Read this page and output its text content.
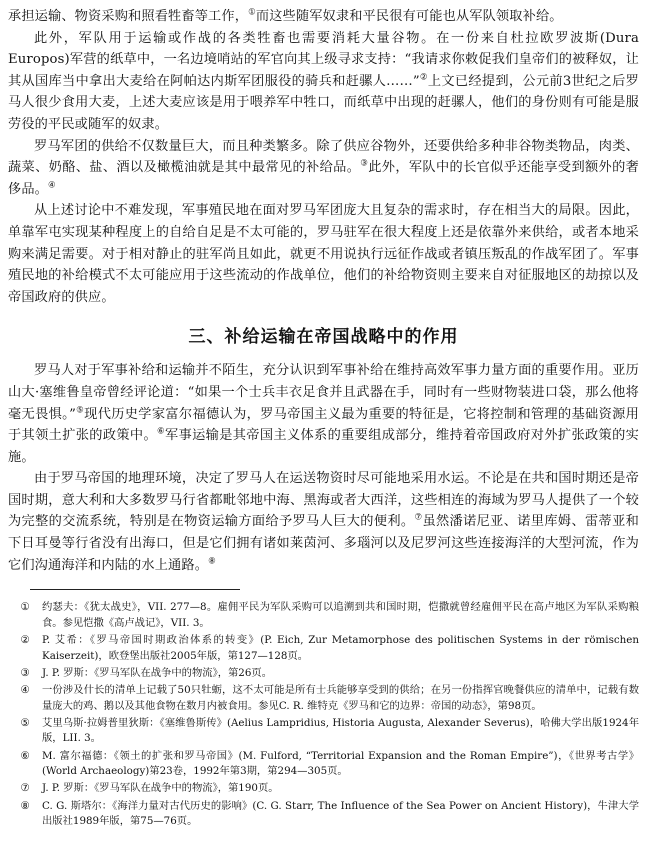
承担运输、物资采购和照看牲畜等工作，①而这些随军奴隶和平民很有可能也从军队领取补给。

此外，军队用于运输或作战的各类牲畜也需要消耗大量谷物。在一份来自杜拉欧罗波斯(Dura Europos)军营的纸草中，一名边境哨站的军官向其上级寻求支持：“我请求你敕促我们皇帝们的被释奴，让其从国库当中拿出大麦给在阿帕达内斯军团服役的骑兵和赶骡人……”②上文已经提到，公元前3世纪之后罗马人很少食用大麦，上述大麦应该是用于喂养军中牲口，而纸草中出现的赶骡人，他们的身份则有可能是服劳役的平民或随军的奴隶。

罗马军团的供给不仅数量巨大，而且种类繁多。除了供应谷物外，还要供给多种非谷物类物品，肉类、蔬菜、奶酪、盐、酒以及橄榄油就是其中最常见的补给品。③此外，军队中的长官似乎还能享受到额外的奢侈品。④

从上述讨论中不难发现，军事殖民地在面对罗马军团庞大且复杂的需求时，存在相当大的局限。因此，单靠军屯实现某种程度上的自给自足是不太可能的，罗马驻军在很大程度上还是依靠外来供给，或者本地采购来满足需要。对于相对静止的驻军尚且如此，就更不用说执行远征作战或者镇压叛乱的作战军团了。军事殖民地的补给模式不太可能应用于这些流动的作战单位，他们的补给物资则主要来自对征服地区的劫掠以及帝国政府的供应。

三、补给运输在帝国战略中的作用

罗马人对于军事补给和运输并不陌生，充分认识到军事补给在维持高效军事力量方面的重要作用。亚历山大·塞维鲁皇帝曾经评论道：“如果一个士兵丰衣足食并且武器在手，同时有一些财物装进口袋，那么他将毫无畏惧。”⑤现代历史学家富尔福德认为，罗马帝国主义最为重要的特征是，它将控制和管理的基础资源用于其领土扩张的政策中。⑥军事运输是其帝国主义体系的重要组成部分，维持着帝国政府对外扩张政策的实施。

由于罗马帝国的地理环境，决定了罗马人在运送物资时尽可能地采用水运。不论是在共和国时期还是帝国时期，意大利和大多数罗马行省都毗邻地中海、黑海或者大西洋，这些相连的海域为罗马人提供了一个较为完整的交流系统，特别是在物资运输方面给予罗马人巨大的便利。⑦虽然潘诺尼亚、诺里库姆、雷蒂亚和下日耳曼等行省没有出海口，但是它们拥有诸如莱茵河、多瑙河以及尼罗河这些连接海洋的大型河流，作为它们沟通海洋和内陆的水上通路。⑧

①	约瑟夫：《犹太战史》，VII. 277—8。雇佣平民为军队采购可以追溯到共和国时期，恺撒就曾经雇佣平民在高卢地区为军队采购粮食。参见恺撒《高卢战记》，VII. 3。
②	P. 艾希：《罗马帝国时期政治体系的转变》(P. Eich, Zur Metamorphose des politischen Systems in der römischen Kaiserzeit)，欧登堡出版社2005年版，第127—128页。
③	J. P. 罗斯：《罗马军队在战争中的物流》，第26页。
④	一份涉及什长的清单上记载了50只牡蛎，这不太可能是所有士兵能够享受到的供给；在另一份指挥官晚餐供应的清单中，记载有数量庞大的鸡、鹅以及其他食物在数月内被食用。参见C. R. 维特克《罗马和它的边界：帝国的动态》，第98页。
⑤	艾里乌斯·拉姆普里狄斯：《塞维鲁斯传》(Aelius Lampridius, Historia Augusta, Alexander Severus)，哈佛大学出版1924年版，LII. 3。
⑥	M. 富尔福德：《领土的扩张和罗马帝国》(M. Fulford, “Territorial Expansion and the Roman Empire”)，《世界考古学》(World Archaeology)第23卷，1992年第3期，第294—305页。
⑦	J. P. 罗斯：《罗马军队在战争中的物流》，第190页。
⑧	C. G. 斯塔尔：《海洋力量对古代历史的影响》(C. G. Starr, The Influence of the Sea Power on Ancient History)，牛津大学出版社1989年版，第75—76页。
